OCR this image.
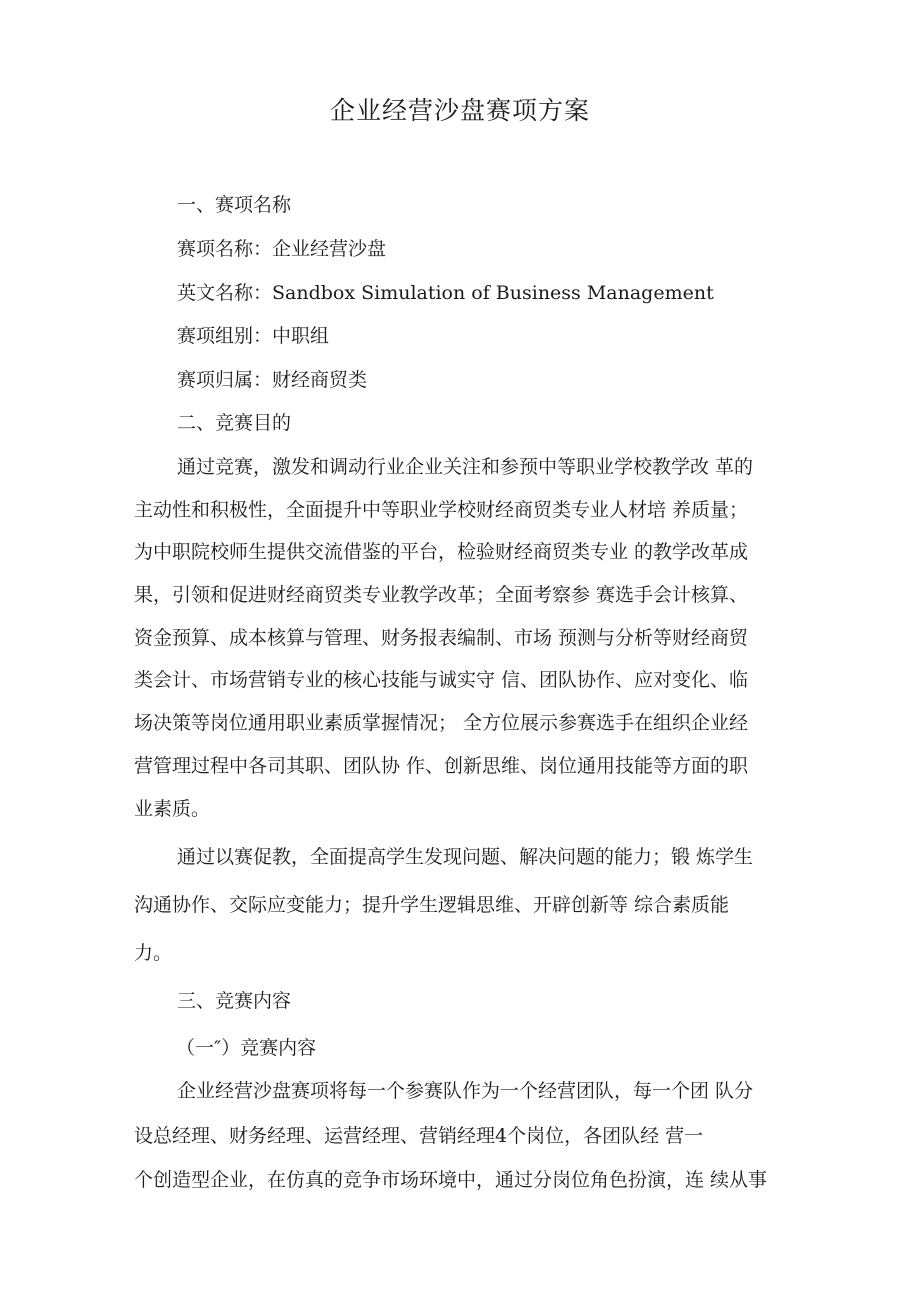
企业经营沙盘赛项方案
一、赛项名称
赛项名称：企业经营沙盘
英文名称：Sandbox Simulation of Business Management
赛项组别：中职组
赛项归属：财经商贸类
二、竞赛目的
通过竞赛，激发和调动行业企业关注和参预中等职业学校教学改 革的
主动性和积极性，全面提升中等职业学校财经商贸类专业人材培 养质量；
为中职院校师生提供交流借鉴的平台，检验财经商贸类专业 的教学改革成
果，引领和促进财经商贸类专业教学改革；全面考察参 赛选手会计核算、
资金预算、成本核算与管理、财务报表编制、市场 预测与分析等财经商贸
类会计、市场营销专业的核心技能与诚实守 信、团队协作、应对变化、临
场决策等岗位通用职业素质掌握情况； 全方位展示参赛选手在组织企业经
营管理过程中各司其职、团队协 作、创新思维、岗位通用技能等方面的职
业素质。
通过以赛促教，全面提高学生发现问题、解决问题的能力；锻 炼学生
沟通协作、交际应变能力；提升学生逻辑思维、开辟创新等 综合素质能
力。
三、竞赛内容
（一″）竞赛内容
企业经营沙盘赛项将每一个参赛队作为一个经营团队，每一个团 队分
设总经理、财务经理、运营经理、营销经理4个岗位，各团队经 营一
个创造型企业，在仿真的竞争市场环境中，通过分岗位角色扮演，连 续从事
